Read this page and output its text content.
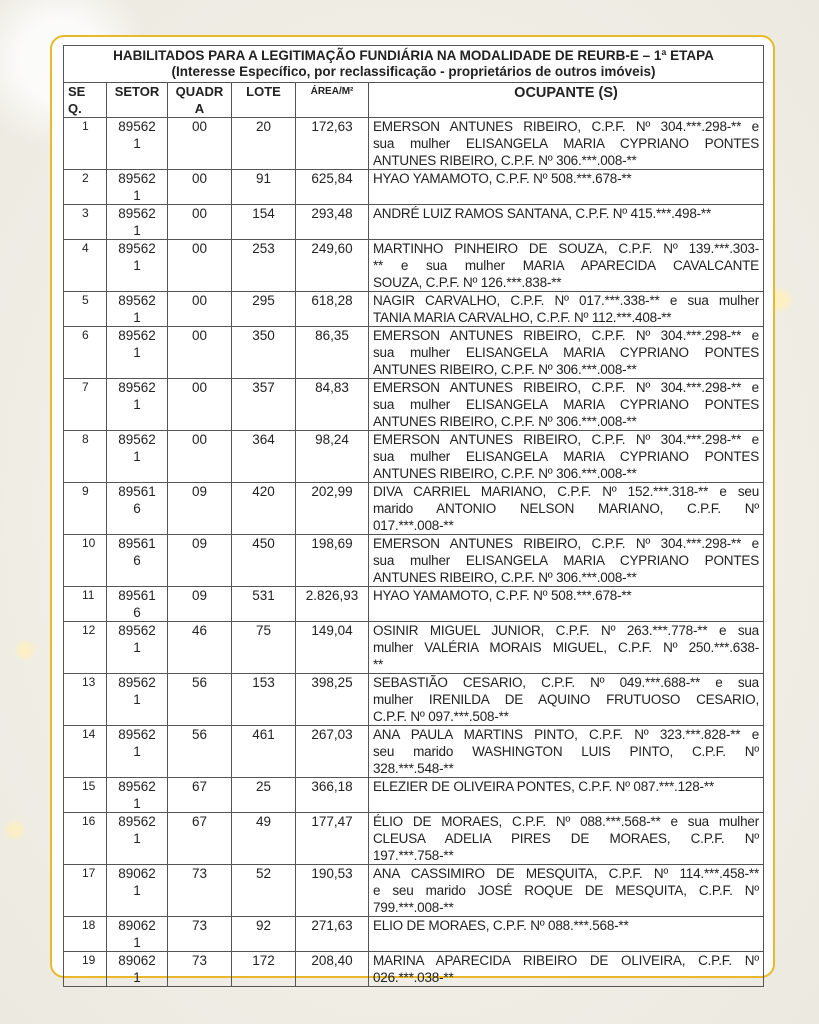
HABILITADOS PARA A LEGITIMAÇÃO FUNDIÁRIA NA MODALIDADE DE REURB-E – 1ª ETAPA
(Interesse Específico, por reclassificação - proprietários de outros imóveis)					

SEQ.	SETOR	QUADRA	LOTE	ÁREA/M²	OCUPANTE (S)
1	895621	00	20	172,63	EMERSON ANTUNES RIBEIRO, C.P.F. Nº 304.***.298-** e
sua mulher ELISANGELA MARIA CYPRIANO PONTES
ANTUNES RIBEIRO, C.P.F. Nº 306.***.008-**

2	895621	00	91	625,84	HYAO YAMAMOTO, C.P.F. Nº 508.***.678-**

3	895621	00	154	293,48	ANDRÉ LUIZ RAMOS SANTANA, C.P.F. Nº 415.***.498-**

4	895621	00	253	249,60	MARTINHO PINHEIRO DE SOUZA, C.P.F. Nº 139.***.303-
** e sua mulher MARIA APARECIDA CAVALCANTE
SOUZA, C.P.F. Nº 126.***.838-**

5	895621	00	295	618,28	NAGIR CARVALHO, C.P.F. Nº 017.***.338-** e sua mulher
TANIA MARIA CARVALHO, C.P.F. Nº 112.***.408-**

6	895621	00	350	86,35	EMERSON ANTUNES RIBEIRO, C.P.F. Nº 304.***.298-** e
sua mulher ELISANGELA MARIA CYPRIANO PONTES
ANTUNES RIBEIRO, C.P.F. Nº 306.***.008-**

7	895621	00	357	84,83	EMERSON ANTUNES RIBEIRO, C.P.F. Nº 304.***.298-** e
sua mulher ELISANGELA MARIA CYPRIANO PONTES
ANTUNES RIBEIRO, C.P.F. Nº 306.***.008-**

8	895621	00	364	98,24	EMERSON ANTUNES RIBEIRO, C.P.F. Nº 304.***.298-** e
sua mulher ELISANGELA MARIA CYPRIANO PONTES
ANTUNES RIBEIRO, C.P.F. Nº 306.***.008-**

9	895616	09	420	202,99	DIVA CARRIEL MARIANO, C.P.F. Nº 152.***.318-** e seu
marido ANTONIO NELSON MARIANO, C.P.F. Nº
017.***.008-**

10	895616	09	450	198,69	EMERSON ANTUNES RIBEIRO, C.P.F. Nº 304.***.298-** e
sua mulher ELISANGELA MARIA CYPRIANO PONTES
ANTUNES RIBEIRO, C.P.F. Nº 306.***.008-**

11	895616	09	531	2.826,93	HYAO YAMAMOTO, C.P.F. Nº 508.***.678-**

12	895621	46	75	149,04	OSINIR MIGUEL JUNIOR, C.P.F. Nº 263.***.778-** e sua
mulher VALÉRIA MORAIS MIGUEL, C.P.F. Nº 250.***.638-
**

13	895621	56	153	398,25	SEBASTIÃO CESARIO, C.P.F. Nº 049.***.688-** e sua
mulher IRENILDA DE AQUINO FRUTUOSO CESARIO,
C.P.F. Nº 097.***.508-**

14	895621	56	461	267,03	ANA PAULA MARTINS PINTO, C.P.F. Nº 323.***.828-** e
seu marido WASHINGTON LUIS PINTO, C.P.F. Nº
328.***.548-**

15	895621	67	25	366,18	ELEZIER DE OLIVEIRA PONTES, C.P.F. Nº 087.***.128-**

16	895621	67	49	177,47	ÉLIO DE MORAES, C.P.F. Nº 088.***.568-** e sua mulher
CLEUSA ADELIA PIRES DE MORAES, C.P.F. Nº
197.***.758-**

17	890621	73	52	190,53	ANA CASSIMIRO DE MESQUITA, C.P.F. Nº 114.***.458-**
e seu marido JOSÉ ROQUE DE MESQUITA, C.P.F. Nº
799.***.008-**

18	890621	73	92	271,63	ELIO DE MORAES, C.P.F. Nº 088.***.568-**

19	890621	73	172	208,40	MARINA APARECIDA RIBEIRO DE OLIVEIRA, C.P.F. Nº
026.***.038-**
